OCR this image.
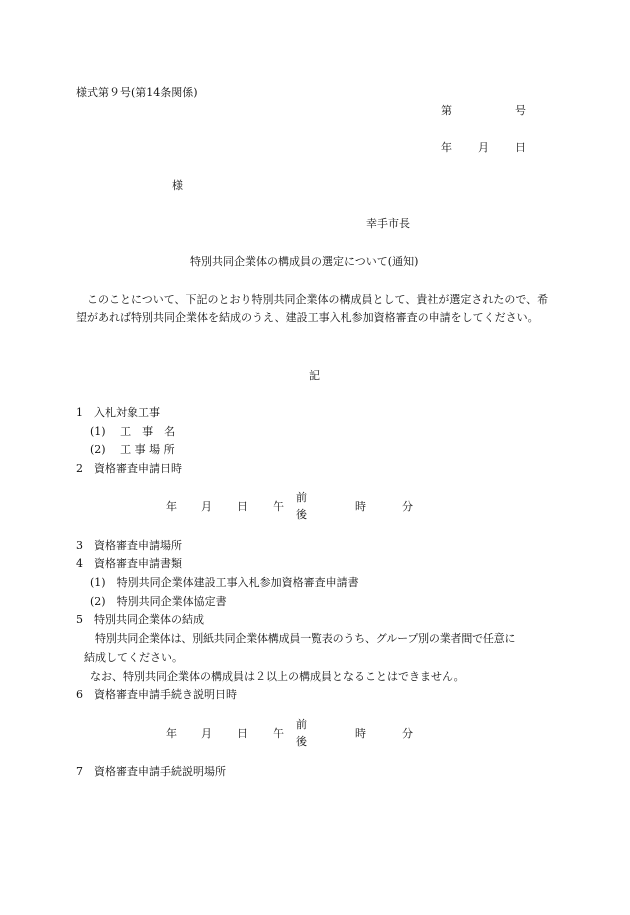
様式第９号(第14条関係)
第	号
年 月 日
様
幸手市長
特別共同企業体の構成員の選定について(通知)
　このことについて、下記のとおり特別共同企業体の構成員として、貴社が選定されたので、希望があれば特別共同企業体を結成のうえ、建設工事入札参加資格審査の申請をしてください。
記
1　入札対象工事
(1)　 工　事　名
(2)　 工 事 場 所
2　資格審査申請日時
年 月 日 午
前
後
時	分
3　資格審査申請場所
4　資格審査申請書類
(1)　特別共同企業体建設工事入札参加資格審査申請書
(2)　特別共同企業体協定書
5　特別共同企業体の結成
特別共同企業体は、別紙共同企業体構成員一覧表のうち、グループ別の業者間で任意に
結成してください。
なお、特別共同企業体の構成員は２以上の構成員となることはできません。
6　資格審査申請手続き説明日時
年 月 日 午
前
後
時	分
7　資格審査申請手続説明場所
